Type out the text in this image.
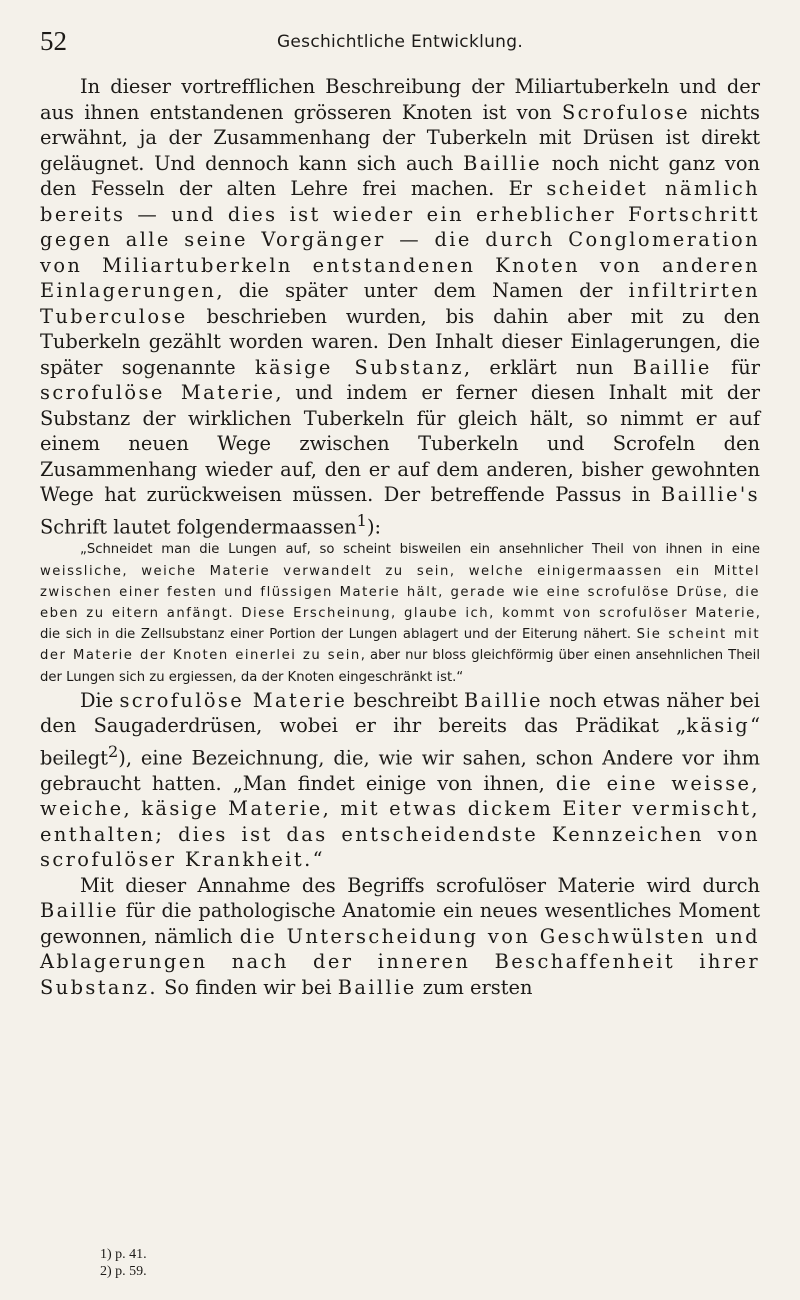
52	Geschichtliche Entwicklung.

In dieser vortrefflichen Beschreibung der Miliartuberkeln und der aus ihnen entstandenen grösseren Knoten ist von Scrofulose nichts erwähnt, ja der Zusammenhang der Tuberkeln mit Drüsen ist direkt geläugnet. Und dennoch kann sich auch Baillie noch nicht ganz von den Fesseln der alten Lehre frei machen. Er scheidet nämlich bereits — und dies ist wieder ein erheblicher Fortschritt gegen alle seine Vorgänger — die durch Conglomeration von Miliartuberkeln entstandenen Knoten von anderen Einlagerungen, die später unter dem Namen der infiltrirten Tuberculose beschrieben wurden, bis dahin aber mit zu den Tuberkeln gezählt worden waren. Den Inhalt dieser Einlagerungen, die später sogenannte käsige Substanz, erklärt nun Baillie für scrofulöse Materie, und indem er ferner diesen Inhalt mit der Substanz der wirklichen Tuberkeln für gleich hält, so nimmt er auf einem neuen Wege zwischen Tuberkeln und Scrofeln den Zusammenhang wieder auf, den er auf dem anderen, bisher gewohnten Wege hat zurückweisen müssen. Der betreffende Passus in Baillie's Schrift lautet folgendermaassen$^1$):

„Schneidet man die Lungen auf, so scheint bisweilen ein ansehnlicher Theil von ihnen in eine weissliche, weiche Materie verwandelt zu sein, welche einigermaassen ein Mittel zwischen einer festen und flüssigen Materie hält, gerade wie eine scrofulöse Drüse, die eben zu eitern anfängt. Diese Erscheinung, glaube ich, kommt von scrofulöser Materie, die sich in die Zellsubstanz einer Portion der Lungen ablagert und der Eiterung nähert. Sie scheint mit der Materie der Knoten einerlei zu sein, aber nur bloss gleichförmig über einen ansehnlichen Theil der Lungen sich zu ergiessen, da der Knoten eingeschränkt ist.“

Die scrofulöse Materie beschreibt Baillie noch etwas näher bei den Saugaderdrüsen, wobei er ihr bereits das Prädikat „käsig“ beilegt$^2$), eine Bezeichnung, die, wie wir sahen, schon Andere vor ihm gebraucht hatten. „Man findet einige von ihnen, die eine weisse, weiche, käsige Materie, mit etwas dickem Eiter vermischt, enthalten; dies ist das entscheidendste Kennzeichen von scrofulöser Krankheit.“

Mit dieser Annahme des Begriffs scrofulöser Materie wird durch Baillie für die pathologische Anatomie ein neues wesentliches Moment gewonnen, nämlich die Unterscheidung von Geschwülsten und Ablagerungen nach der inneren Beschaffenheit ihrer Substanz. So finden wir bei Baillie zum ersten

1) p. 41.
2) p. 59.
